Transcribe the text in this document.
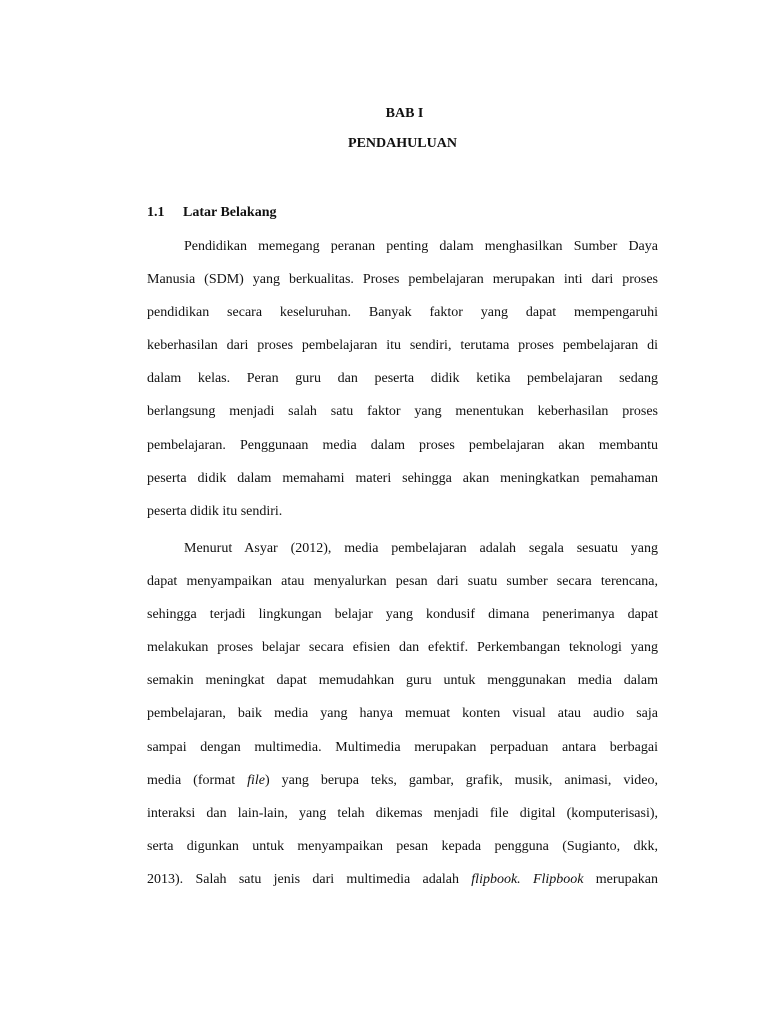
BAB I
PENDAHULUAN
1.1 Latar Belakang
Pendidikan memegang peranan penting dalam menghasilkan Sumber Daya
Manusia (SDM) yang berkualitas. Proses pembelajaran merupakan inti dari proses
pendidikan secara keseluruhan. Banyak faktor yang dapat mempengaruhi
keberhasilan dari proses pembelajaran itu sendiri, terutama proses pembelajaran di
dalam kelas. Peran guru dan peserta didik ketika pembelajaran sedang
berlangsung menjadi salah satu faktor yang menentukan keberhasilan proses
pembelajaran. Penggunaan media dalam proses pembelajaran akan membantu
peserta didik dalam memahami materi sehingga akan meningkatkan pemahaman
peserta didik itu sendiri.
Menurut Asyar (2012), media pembelajaran adalah segala sesuatu yang
dapat menyampaikan atau menyalurkan pesan dari suatu sumber secara terencana,
sehingga terjadi lingkungan belajar yang kondusif dimana penerimanya dapat
melakukan proses belajar secara efisien dan efektif. Perkembangan teknologi yang
semakin meningkat dapat memudahkan guru untuk menggunakan media dalam
pembelajaran, baik media yang hanya memuat konten visual atau audio saja
sampai dengan multimedia. Multimedia merupakan perpaduan antara berbagai
media (format file) yang berupa teks, gambar, grafik, musik, animasi, video,
interaksi dan lain-lain, yang telah dikemas menjadi file digital (komputerisasi),
serta digunkan untuk menyampaikan pesan kepada pengguna (Sugianto, dkk,
2013). Salah satu jenis dari multimedia adalah flipbook. Flipbook merupakan
